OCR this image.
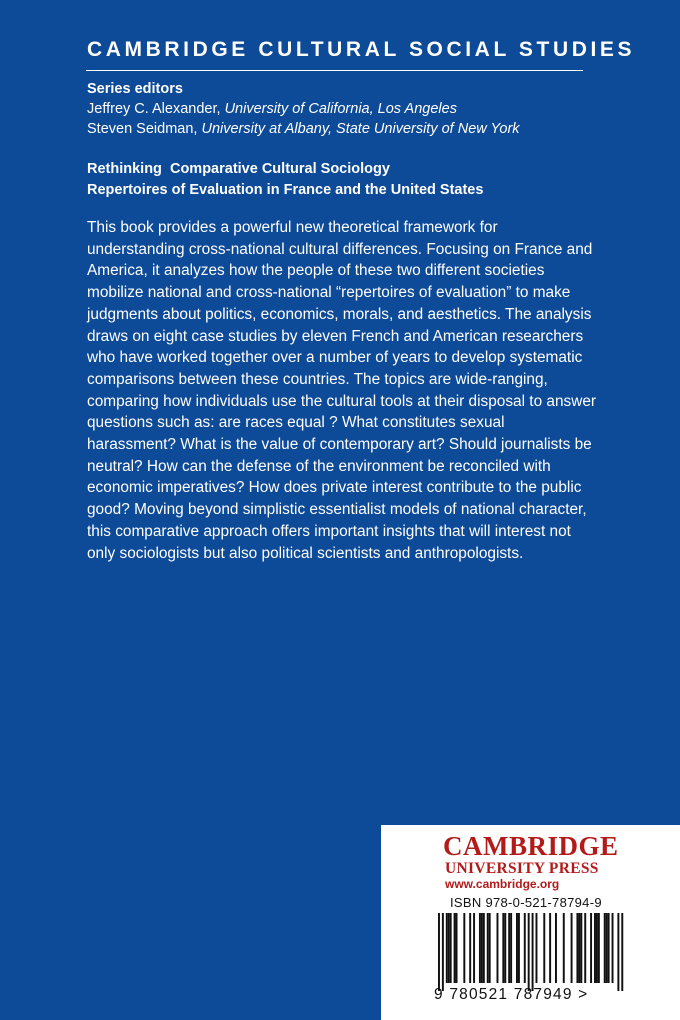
CAMBRIDGE CULTURAL SOCIAL STUDIES
Series editors
Jeffrey C. Alexander, University of California, Los Angeles
Steven Seidman, University at Albany, State University of New York
Rethinking  Comparative Cultural Sociology
Repertoires of Evaluation in France and the United States

This book provides a powerful new theoretical framework for understanding cross-national cultural differences. Focusing on France and America, it analyzes how the people of these two different societies mobilize national and cross-national “repertoires of evaluation” to make judgments about politics, economics, morals, and aesthetics. The analysis draws on eight case studies by eleven French and American researchers who have worked together over a number of years to develop systematic comparisons between these countries. The topics are wide-ranging, comparing how individuals use the cultural tools at their disposal to answer questions such as: are races equal ? What constitutes sexual harassment? What is the value of contemporary art? Should journalists be neutral? How can the defense of the environment be reconciled with economic imperatives? How does private interest contribute to the public good? Moving beyond simplistic essentialist models of national character, this comparative approach offers important insights that will interest not only sociologists but also political scientists and anthropologists.

CAMBRIDGE
UNIVERSITY PRESS
www.cambridge.org
ISBN 978-0-521-78794-9
9 780521 787949 >
